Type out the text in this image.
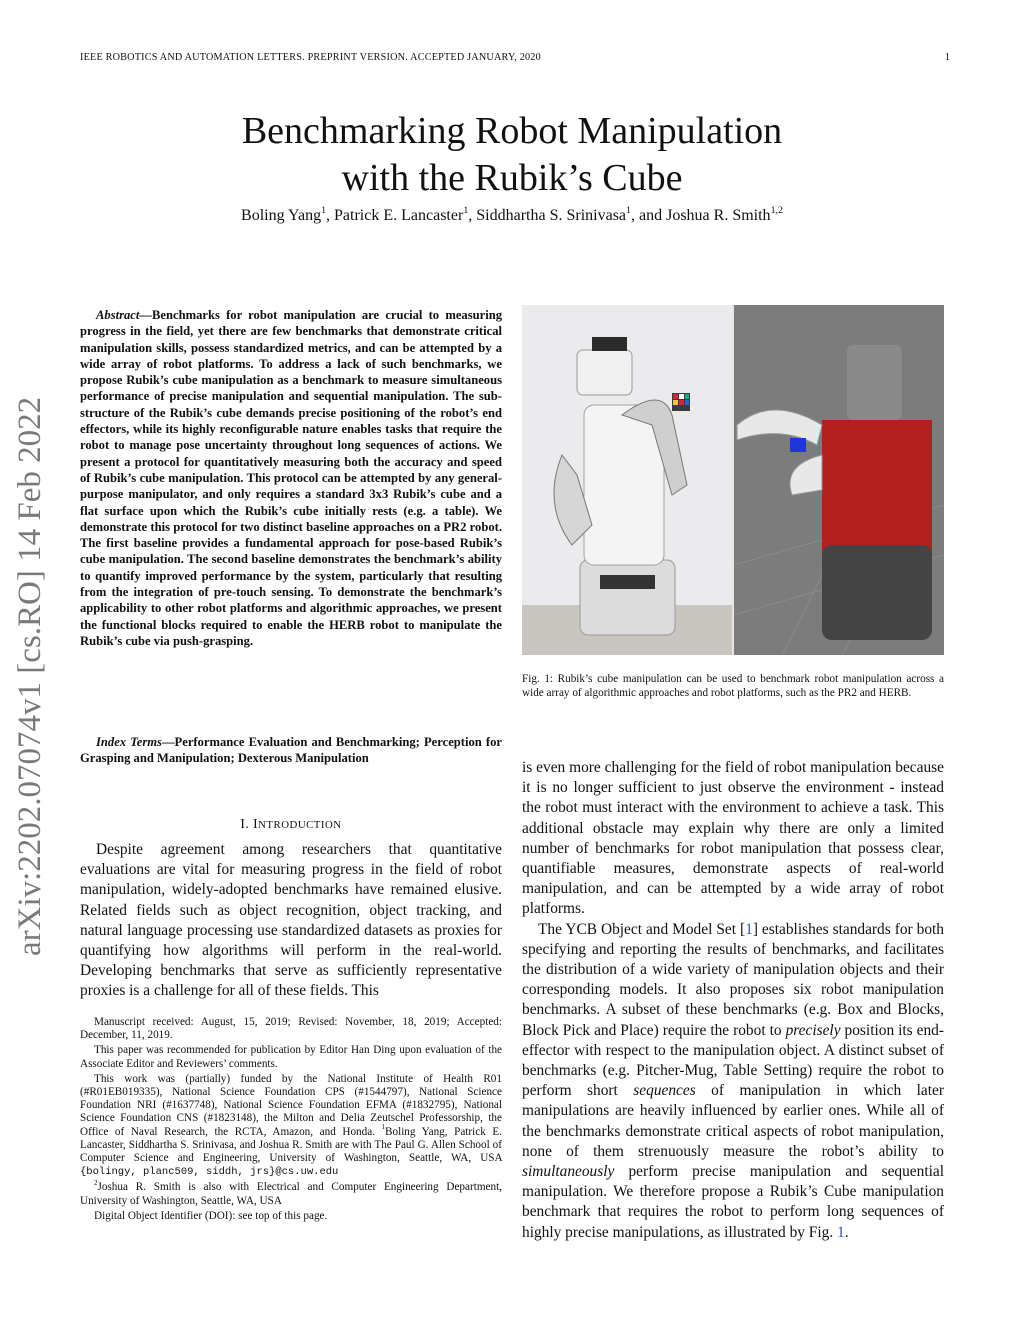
IEEE ROBOTICS AND AUTOMATION LETTERS. PREPRINT VERSION. ACCEPTED JANUARY, 2020	1
arXiv:2202.07074v1 [cs.RO] 14 Feb 2022
Benchmarking Robot Manipulation
with the Rubik’s Cube
Boling Yang$^1$, Patrick E. Lancaster$^1$, Siddhartha S. Srinivasa$^1$, and Joshua R. Smith$^{1,2}$

Abstract—Benchmarks for robot manipulation are crucial to measuring progress in the field, yet there are few benchmarks that demonstrate critical manipulation skills, possess standardized metrics, and can be attempted by a wide array of robot platforms. To address a lack of such benchmarks, we propose Rubik’s cube manipulation as a benchmark to measure simultaneous performance of precise manipulation and sequential manipulation. The sub-structure of the Rubik’s cube demands precise positioning of the robot’s end effectors, while its highly reconfigurable nature enables tasks that require the robot to manage pose uncertainty throughout long sequences of actions. We present a protocol for quantitatively measuring both the accuracy and speed of Rubik’s cube manipulation. This protocol can be attempted by any general-purpose manipulator, and only requires a standard 3x3 Rubik’s cube and a flat surface upon which the Rubik’s cube initially rests (e.g. a table). We demonstrate this protocol for two distinct baseline approaches on a PR2 robot. The first baseline provides a fundamental approach for pose-based Rubik’s cube manipulation. The second baseline demonstrates the benchmark’s ability to quantify improved performance by the system, particularly that resulting from the integration of pre-touch sensing. To demonstrate the benchmark’s applicability to other robot platforms and algorithmic approaches, we present the functional blocks required to enable the HERB robot to manipulate the Rubik’s cube via push-grasping.

Index Terms—Performance Evaluation and Benchmarking; Perception for Grasping and Manipulation; Dexterous Manipulation

I. INTRODUCTION

Despite agreement among researchers that quantitative evaluations are vital for measuring progress in the field of robot manipulation, widely-adopted benchmarks have remained elusive. Related fields such as object recognition, object tracking, and natural language processing use standardized datasets as proxies for quantifying how algorithms will perform in the real-world. Developing benchmarks that serve as sufficiently representative proxies is a challenge for all of these fields. This

Manuscript received: August, 15, 2019; Revised: November, 18, 2019; Accepted: December, 11, 2019.

This paper was recommended for publication by Editor Han Ding upon evaluation of the Associate Editor and Reviewers’ comments.

This work was (partially) funded by the National Institute of Health R01 (#R01EB019335), National Science Foundation CPS (#1544797), National Science Foundation NRI (#1637748), National Science Foundation EFMA (#1832795), National Science Foundation CNS (#1823148), the Milton and Delia Zeutschel Professorship, the Office of Naval Research, the RCTA, Amazon, and Honda. $^1$Boling Yang, Patrick E. Lancaster, Siddhartha S. Srinivasa, and Joshua R. Smith are with The Paul G. Allen School of Computer Science and Engineering, University of Washington, Seattle, WA, USA {bolingy, planc509, siddh, jrs}@cs.uw.edu

$^2$Joshua R. Smith is also with Electrical and Computer Engineering Department, University of Washington, Seattle, WA, USA

Digital Object Identifier (DOI): see top of this page.

Fig. 1: Rubik’s cube manipulation can be used to benchmark robot manipulation across a wide array of algorithmic approaches and robot platforms, such as the PR2 and HERB.

is even more challenging for the field of robot manipulation because it is no longer sufficient to just observe the environment - instead the robot must interact with the environment to achieve a task. This additional obstacle may explain why there are only a limited number of benchmarks for robot manipulation that possess clear, quantifiable measures, demonstrate aspects of real-world manipulation, and can be attempted by a wide array of robot platforms.

The YCB Object and Model Set [1] establishes standards for both specifying and reporting the results of benchmarks, and facilitates the distribution of a wide variety of manipulation objects and their corresponding models. It also proposes six robot manipulation benchmarks. A subset of these benchmarks (e.g. Box and Blocks, Block Pick and Place) require the robot to precisely position its end-effector with respect to the manipulation object. A distinct subset of benchmarks (e.g. Pitcher-Mug, Table Setting) require the robot to perform short sequences of manipulation in which later manipulations are heavily influenced by earlier ones. While all of the benchmarks demonstrate critical aspects of robot manipulation, none of them strenuously measure the robot’s ability to simultaneously perform precise manipulation and sequential manipulation. We therefore propose a Rubik’s Cube manipulation benchmark that requires the robot to perform long sequences of highly precise manipulations, as illustrated by Fig. 1.
